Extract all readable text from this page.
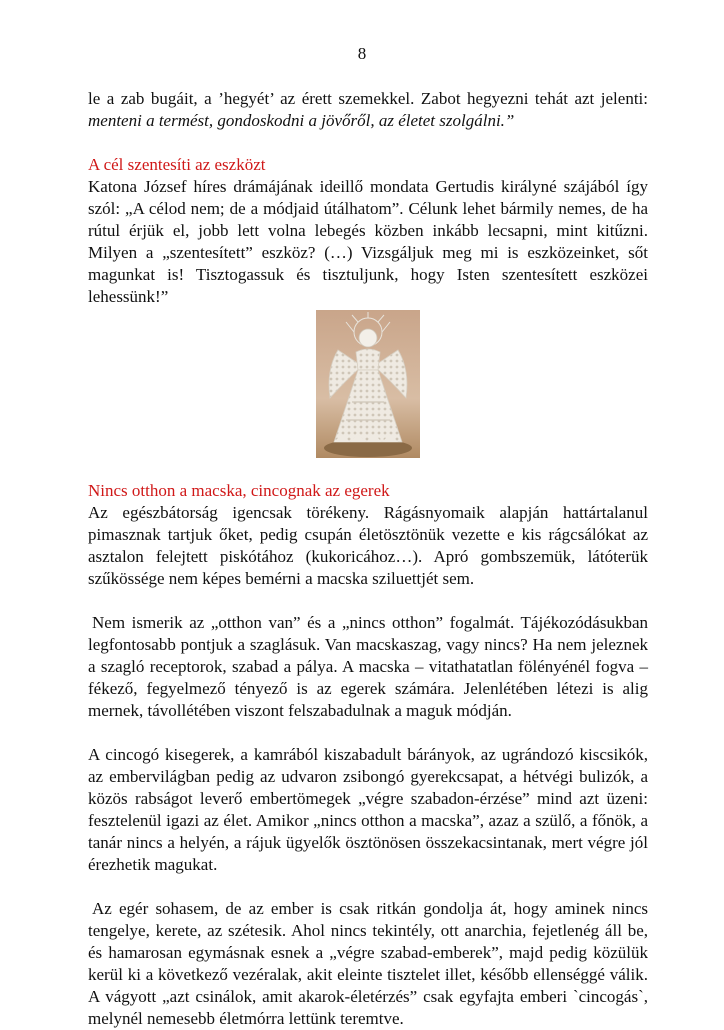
8

le a zab bugáit, a ’hegyét’ az érett szemekkel. Zabot hegyezni tehát azt jelenti: menteni a termést, gondoskodni a jövőről, az életet szolgálni.”

A cél szentesíti az eszközt

Katona József híres drámájának ideillő mondata Gertudis királyné szájából így szól: „A célod nem; de a módjaid útálhatom”. Célunk lehet bármily nemes, de ha rútul érjük el, jobb lett volna lebegés közben inkább lecsapni, mint kitűzni. Milyen a „szentesített” eszköz? (…) Vizsgáljuk meg mi is eszközeinket, sőt magunkat is! Tisztogassuk és tisztuljunk, hogy Isten szentesített eszközei lehessünk!”

Nincs otthon a macska, cincognak az egerek

Az egészbátorság igencsak törékeny. Rágásnyomaik alapján hattártalanul pimasznak tartjuk őket, pedig csupán életösztönük vezette e kis rágcsálókat az asztalon felejtett piskótához (kukoricához…). Apró gombszemük, látóterük szűkössége nem képes bemérni a macska sziluettjét sem.

Nem ismerik az „otthon van” és a „nincs otthon” fogalmát. Tájékozódásukban legfontosabb pontjuk a szaglásuk. Van macskaszag, vagy nincs? Ha nem jeleznek a szagló receptorok, szabad a pálya. A macska – vitathatatlan fölényénél fogva – fékező, fegyelmező tényező is az egerek számára. Jelenlétében létezi is alig mernek, távollétében viszont felszabadulnak a maguk módján.

A cincogó kisegerek, a kamrából kiszabadult bárányok, az ugrándozó kiscsikók, az embervilágban pedig az udvaron zsibongó gyerekcsapat, a hétvégi bulizók, a közös rabságot leverő embertömegek „végre szabadon-érzése” mind azt üzeni: fesztelenül igazi az élet. Amikor „nincs otthon a macska”, azaz a szülő, a főnök, a tanár nincs a helyén, a rájuk ügyelők ösztönösen összekacsintanak, mert végre jól érezhetik magukat.

Az egér sohasem, de az ember is csak ritkán gondolja át, hogy aminek nincs tengelye, kerete, az szétesik. Ahol nincs tekintély, ott anarchia, fejetlenég áll be, és hamarosan egymásnak esnek a „végre szabad-emberek”, majd pedig közülük kerül ki a következő vezéralak, akit eleinte tisztelet illet, később ellenséggé válik. A vágyott „azt csinálok, amit akarok-életérzés” csak egyfajta emberi `cincogás`, melynél nemesebb életmórra lettünk teremtve.
